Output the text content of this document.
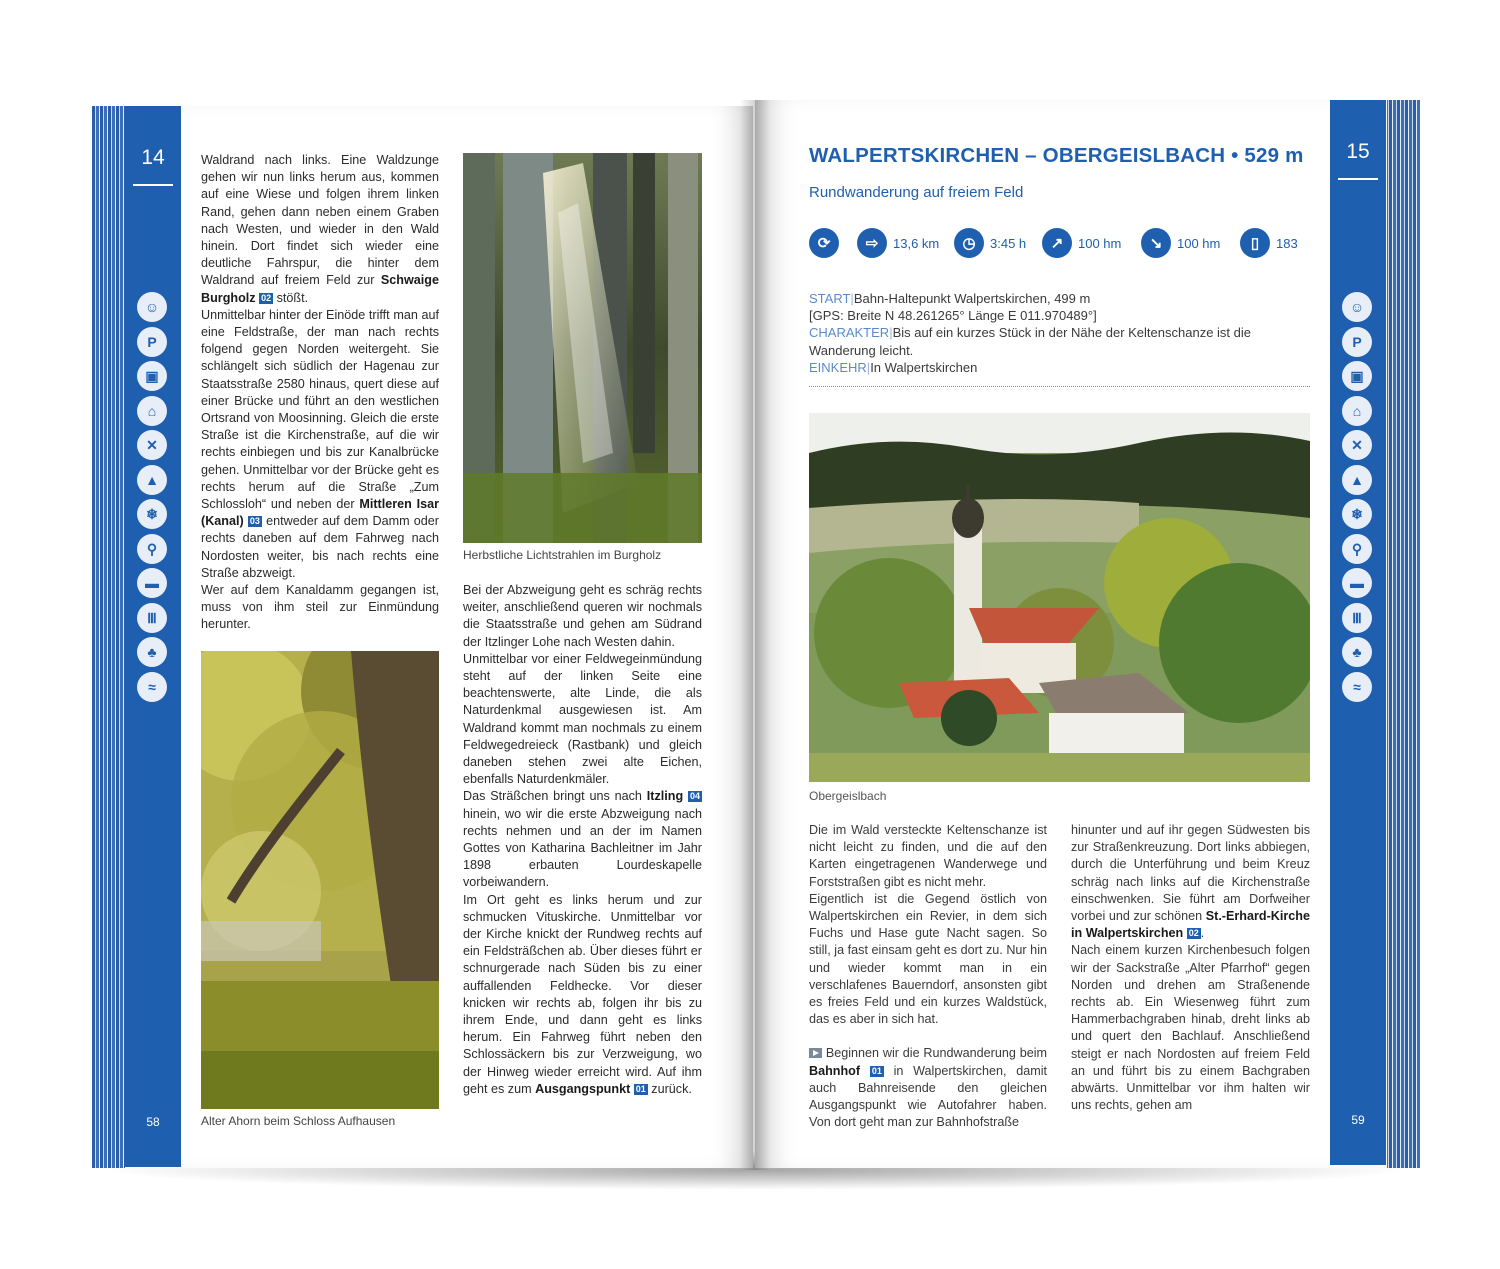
14
☺
P
▣
⌂
✕
▲
❄
⚲
▬
Ⅲ
♣
≈
58
Waldrand nach links. Eine Waldzunge gehen wir nun links herum aus, kommen auf eine Wiese und folgen ihrem linken Rand, gehen dann neben einem Graben nach Westen, und wieder in den Wald hinein. Dort findet sich wieder eine deutliche Fahrspur, die hinter dem Waldrand auf freiem Feld zur Schwaige Burgholz 02 stößt.
Unmittelbar hinter der Einöde trifft man auf eine Feldstraße, der man nach rechts folgend gegen Norden weitergeht. Sie schlängelt sich südlich der Hagenau zur Staatsstraße 2580 hinaus, quert diese auf einer Brücke und führt an den westlichen Ortsrand von Moosinning. Gleich die erste Straße ist die Kirchenstraße, auf die wir rechts einbiegen und bis zur Kanalbrücke gehen. Unmittelbar vor der Brücke geht es rechts herum auf die Straße „Zum Schlossloh“ und neben der Mittleren Isar (Kanal) 03 entweder auf dem Damm oder rechts daneben auf dem Fahrweg nach Nordosten weiter, bis nach rechts eine Straße abzweigt.
Wer auf dem Kanaldamm gegangen ist, muss von ihm steil zur Einmündung herunter.
Herbstliche Lichtstrahlen im Burgholz
Bei der Abzweigung geht es schräg rechts weiter, anschließend queren wir nochmals die Staatsstraße und gehen am Südrand der Itzlinger Lohe nach Westen dahin.
Unmittelbar vor einer Feldwegeinmündung steht auf der linken Seite eine beachtenswerte, alte Linde, die als Naturdenkmal ausgewiesen ist. Am Waldrand kommt man nochmals zu einem Feldwegedreieck (Rastbank) und gleich daneben stehen zwei alte Eichen, ebenfalls Naturdenkmäler.
Das Sträßchen bringt uns nach Itzling 04 hinein, wo wir die erste Abzweigung nach rechts nehmen und an der im Namen Gottes von Katharina Bachleitner im Jahr 1898 erbauten Lourdeskapelle vorbeiwandern.
Im Ort geht es links herum und zur schmucken Vituskirche. Unmittelbar vor der Kirche knickt der Rundweg rechts auf ein Feldsträßchen ab. Über dieses führt er schnurgerade nach Süden bis zu einer auffallenden Feldhecke. Vor dieser knicken wir rechts ab, folgen ihr bis zu ihrem Ende, und dann geht es links herum. Ein Fahrweg führt neben den Schlossäckern bis zur Verzweigung, wo der Hinweg wieder erreicht wird. Auf ihm geht es zum Ausgangspunkt 01 zurück.
Alter Ahorn beim Schloss Aufhausen
15
☺
P
▣
⌂
✕
▲
❄
⚲
▬
Ⅲ
♣
≈
59
WALPERTSKIRCHEN – OBERGEISLBACH • 529 m
Rundwanderung auf freiem Feld
⟳	⇨	13,6 km	◷	3:45 h	↗	100 hm	↘	100 hm	▯	183
START|Bahn-Haltepunkt Walpertskirchen, 499 m
[GPS: Breite N 48.261265° Länge E 011.970489°]
CHARAKTER|Bis auf ein kurzes Stück in der Nähe der Keltenschanze ist die Wanderung leicht.
EINKEHR|In Walpertskirchen
Obergeislbach
Die im Wald versteckte Keltenschanze ist nicht leicht zu finden, und die auf den Karten eingetragenen Wanderwege und Forststraßen gibt es nicht mehr.
Eigentlich ist die Gegend östlich von Walpertskirchen ein Revier, in dem sich Fuchs und Hase gute Nacht sagen. So still, ja fast einsam geht es dort zu. Nur hin und wieder kommt man in ein verschlafenes Bauerndorf, ansonsten gibt es freies Feld und ein kurzes Waldstück, das es aber in sich hat.
Beginnen wir die Rundwanderung beim Bahnhof 01 in Walpertskirchen, damit auch Bahnreisende den gleichen Ausgangspunkt wie Autofahrer haben. Von dort geht man zur Bahnhofstraße
hinunter und auf ihr gegen Südwesten bis zur Straßenkreuzung. Dort links abbiegen, durch die Unterführung und beim Kreuz schräg nach links auf die Kirchenstraße einschwenken. Sie führt am Dorfweiher vorbei und zur schönen St.-Erhard-Kirche in Walpertskirchen 02 .
Nach einem kurzen Kirchenbesuch folgen wir der Sackstraße „Alter Pfarrhof“ gegen Norden und drehen am Straßenende rechts ab. Ein Wiesenweg führt zum Hammerbachgraben hinab, dreht links ab und quert den Bachlauf. Anschließend steigt er nach Nordosten auf freiem Feld an und führt bis zu einem Bachgraben abwärts. Unmittelbar vor ihm halten wir uns rechts, gehen am
